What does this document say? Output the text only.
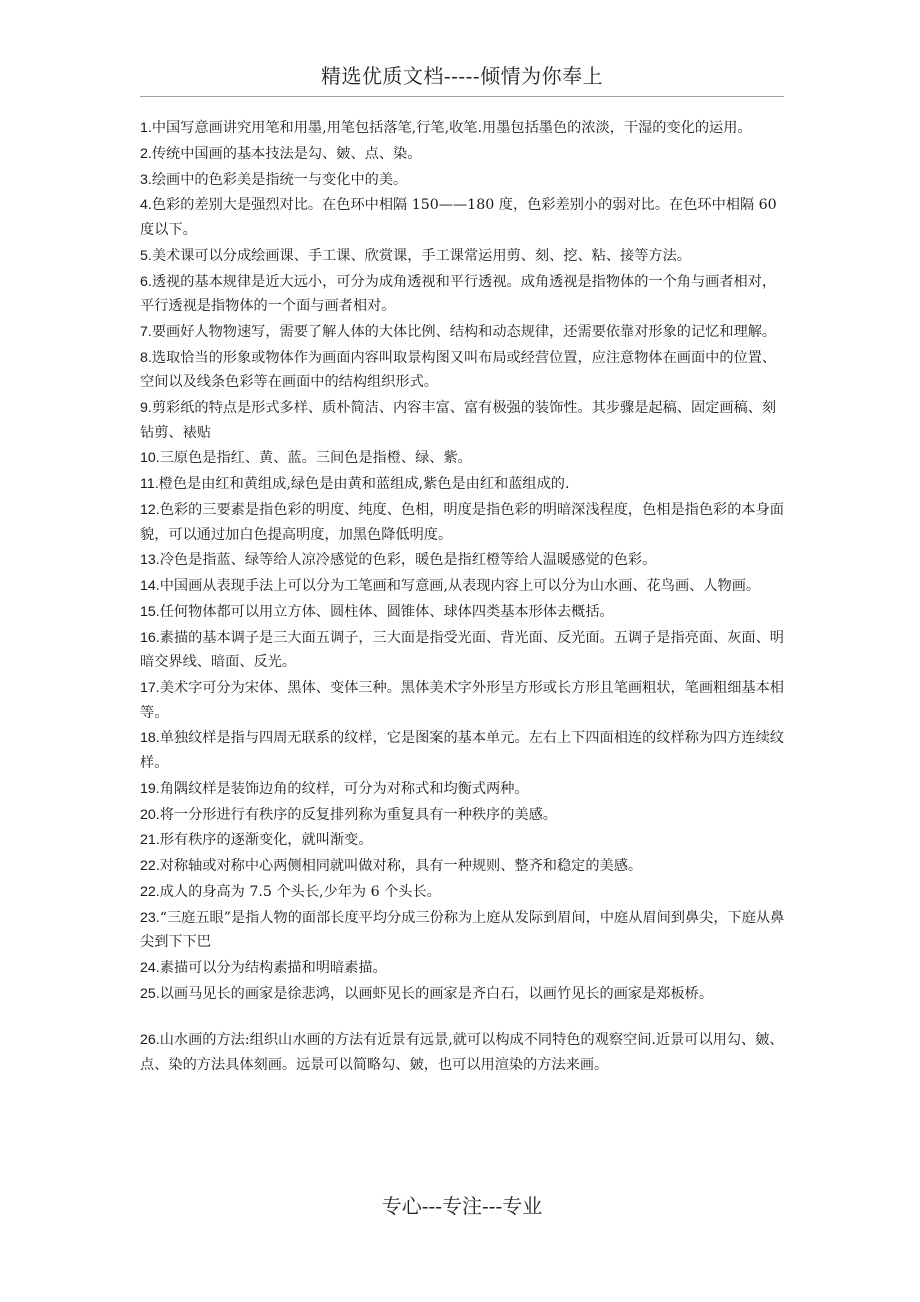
精选优质文档-----倾情为你奉上

1.中国写意画讲究用笔和用墨,用笔包括落笔,行笔,收笔.用墨包括墨色的浓淡，干湿的变化的运用。

2.传统中国画的基本技法是勾、皴、点、染。

3.绘画中的色彩美是指统一与变化中的美。

4.色彩的差别大是强烈对比。在色环中相隔 150——180 度，色彩差别小的弱对比。在色环中相隔 60 度以下。

5.美术课可以分成绘画课、手工课、欣赏课，手工课常运用剪、刻、挖、粘、接等方法。

6.透视的基本规律是近大远小，可分为成角透视和平行透视。成角透视是指物体的一个角与画者相对，平行透视是指物体的一个面与画者相对。

7.要画好人物物速写，需要了解人体的大体比例、结构和动态规律，还需要依靠对形象的记忆和理解。

8.选取恰当的形象或物体作为画面内容叫取景构图又叫布局或经营位置，应注意物体在画面中的位置、空间以及线条色彩等在画面中的结构组织形式。

9.剪彩纸的特点是形式多样、质朴简洁、内容丰富、富有极强的装饰性。其步骤是起稿、固定画稿、刻钻剪、裱贴

10.三原色是指红、黄、蓝。三间色是指橙、绿、紫。

11.橙色是由红和黄组成,绿色是由黄和蓝组成,紫色是由红和蓝组成的.

12.色彩的三要素是指色彩的明度、纯度、色相，明度是指色彩的明暗深浅程度，色相是指色彩的本身面貌，可以通过加白色提高明度，加黑色降低明度。

13.冷色是指蓝、绿等给人凉冷感觉的色彩，暖色是指红橙等给人温暖感觉的色彩。

14.中国画从表现手法上可以分为工笔画和写意画,从表现内容上可以分为山水画、花鸟画、人物画。

15.任何物体都可以用立方体、圆柱体、圆锥体、球体四类基本形体去概括。

16.素描的基本调子是三大面五调子，三大面是指受光面、背光面、反光面。五调子是指亮面、灰面、明暗交界线、暗面、反光。

17.美术字可分为宋体、黑体、变体三种。黑体美术字外形呈方形或长方形且笔画粗状，笔画粗细基本相等。

18.单独纹样是指与四周无联系的纹样，它是图案的基本单元。左右上下四面相连的纹样称为四方连续纹样。

19.角隅纹样是装饰边角的纹样，可分为对称式和均衡式两种。

20.将一分形进行有秩序的反复排列称为重复具有一种秩序的美感。

21.形有秩序的逐渐变化，就叫渐变。

22.对称轴或对称中心两侧相同就叫做对称，具有一种规则、整齐和稳定的美感。

22.成人的身高为 7.5 个头长,少年为 6 个头长。

23.“三庭五眼”是指人物的面部长度平均分成三份称为上庭从发际到眉间，中庭从眉间到鼻尖，下庭从鼻尖到下下巴

24.素描可以分为结构素描和明暗素描。

25.以画马见长的画家是徐悲鸿，以画虾见长的画家是齐白石，以画竹见长的画家是郑板桥。

26.山水画的方法:组织山水画的方法有近景有远景,就可以构成不同特色的观察空间.近景可以用勾、皴、点、染的方法具体刻画。远景可以简略勾、皴，也可以用渲染的方法来画。

专心---专注---专业
